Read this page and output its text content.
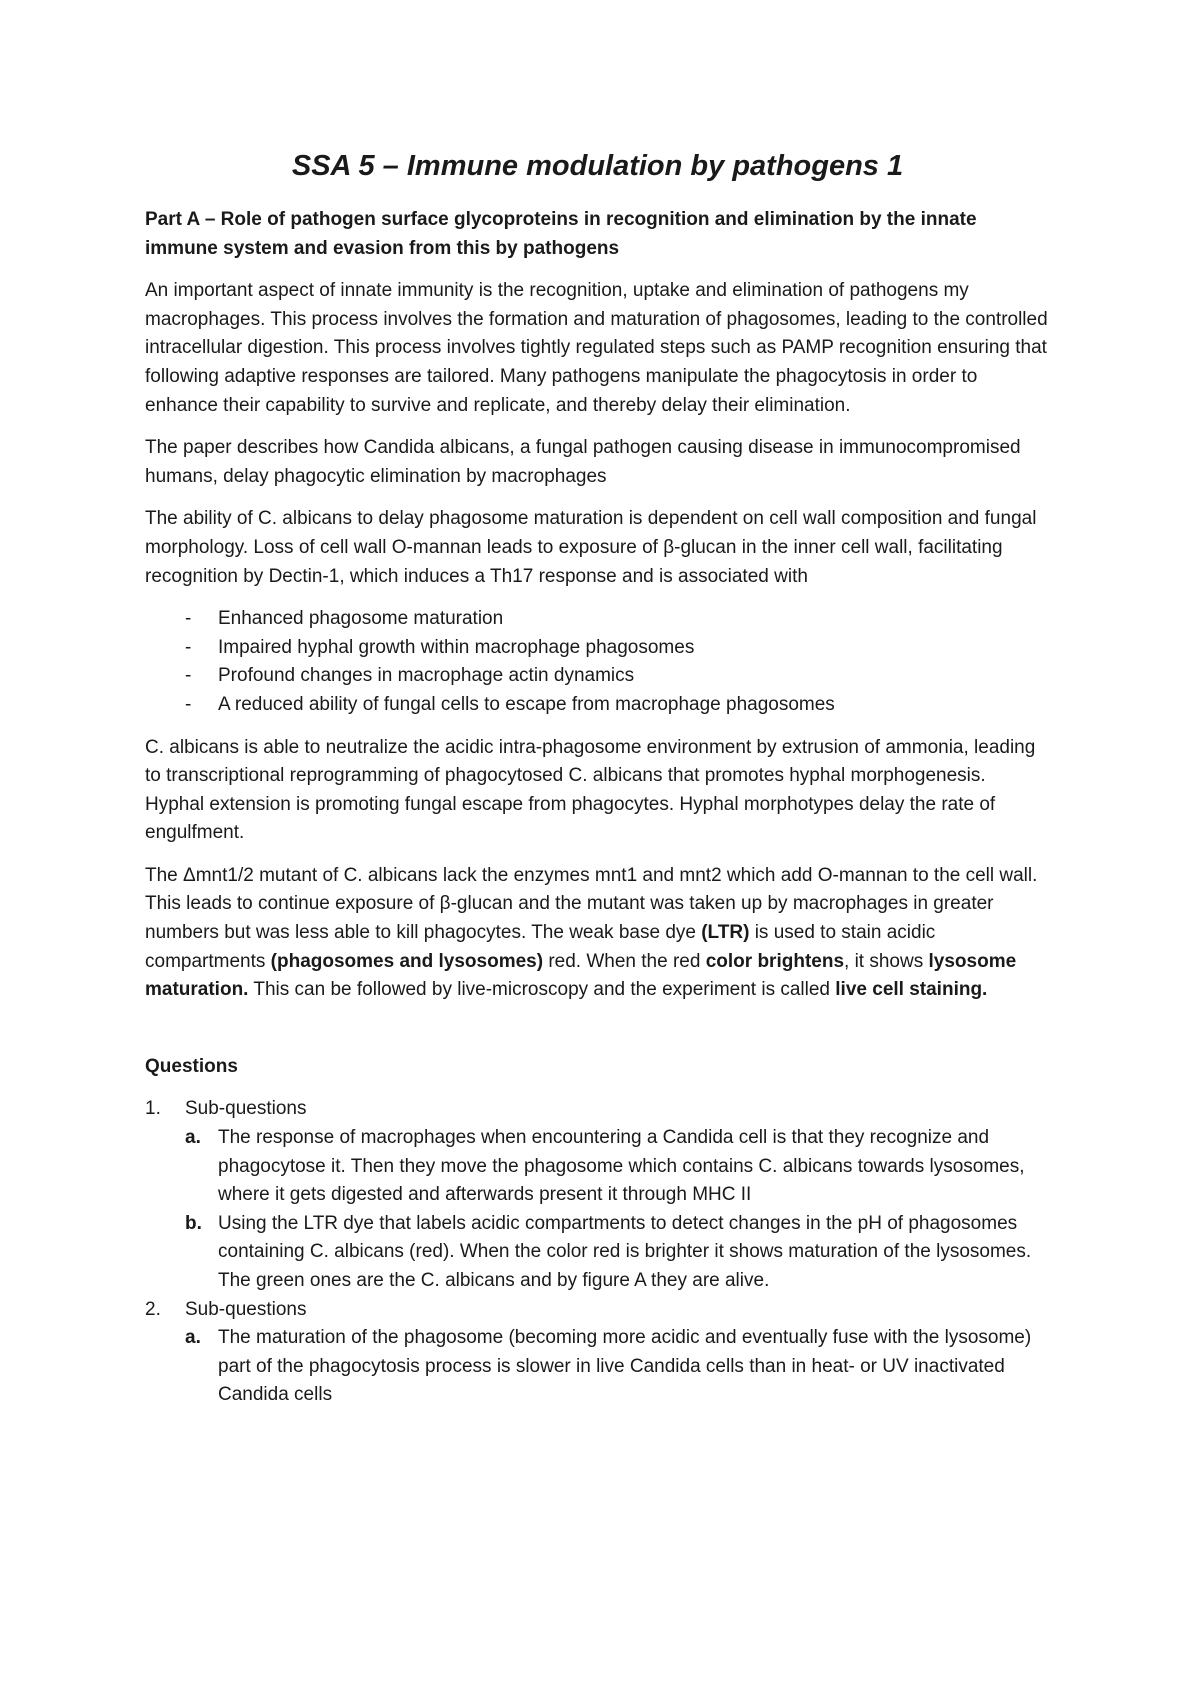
SSA 5 – Immune modulation by pathogens 1
Part A – Role of pathogen surface glycoproteins in recognition and elimination by the innate immune system and evasion from this by pathogens

An important aspect of innate immunity is the recognition, uptake and elimination of pathogens my macrophages. This process involves the formation and maturation of phagosomes, leading to the controlled intracellular digestion. This process involves tightly regulated steps such as PAMP recognition ensuring that following adaptive responses are tailored. Many pathogens manipulate the phagocytosis in order to enhance their capability to survive and replicate, and thereby delay their elimination.

The paper describes how Candida albicans, a fungal pathogen causing disease in immunocompromised humans, delay phagocytic elimination by macrophages

The ability of C. albicans to delay phagosome maturation is dependent on cell wall composition and fungal morphology. Loss of cell wall O-mannan leads to exposure of β-glucan in the inner cell wall, facilitating recognition by Dectin-1, which induces a Th17 response and is associated with

- Enhanced phagosome maturation
- Impaired hyphal growth within macrophage phagosomes
- Profound changes in macrophage actin dynamics
- A reduced ability of fungal cells to escape from macrophage phagosomes

C. albicans is able to neutralize the acidic intra-phagosome environment by extrusion of ammonia, leading to transcriptional reprogramming of phagocytosed C. albicans that promotes hyphal morphogenesis. Hyphal extension is promoting fungal escape from phagocytes. Hyphal morphotypes delay the rate of engulfment.

The Δmnt1/2 mutant of C. albicans lack the enzymes mnt1 and mnt2 which add O-mannan to the cell wall. This leads to continue exposure of β-glucan and the mutant was taken up by macrophages in greater numbers but was less able to kill phagocytes. The weak base dye (LTR) is used to stain acidic compartments (phagosomes and lysosomes) red. When the red color brightens, it shows lysosome maturation. This can be followed by live-microscopy and the experiment is called live cell staining.

Questions
1. Sub-questions
a. The response of macrophages when encountering a Candida cell is that they recognize and phagocytose it. Then they move the phagosome which contains C. albicans towards lysosomes, where it gets digested and afterwards present it through MHC II
b. Using the LTR dye that labels acidic compartments to detect changes in the pH of phagosomes containing C. albicans (red). When the color red is brighter it shows maturation of the lysosomes. The green ones are the C. albicans and by figure A they are alive.
2. Sub-questions
a. The maturation of the phagosome (becoming more acidic and eventually fuse with the lysosome) part of the phagocytosis process is slower in live Candida cells than in heat- or UV inactivated Candida cells
